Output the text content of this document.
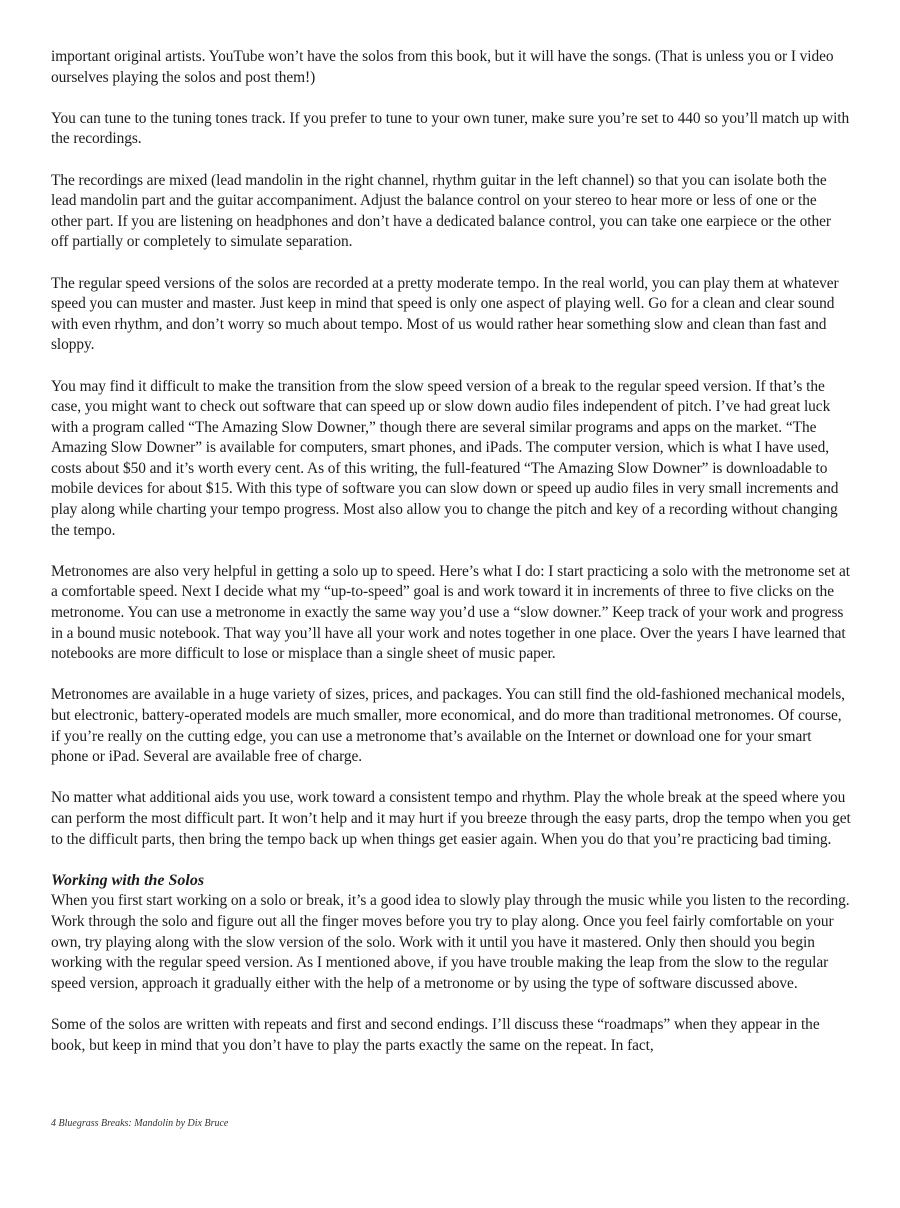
important original artists. YouTube won’t have the solos from this book, but it will have the songs. (That is unless you or I video ourselves playing the solos and post them!)

You can tune to the tuning tones track. If you prefer to tune to your own tuner, make sure you’re set to 440 so you’ll match up with the recordings.

The recordings are mixed (lead mandolin in the right channel, rhythm guitar in the left channel) so that you can isolate both the lead mandolin part and the guitar accompaniment. Adjust the balance control on your stereo to hear more or less of one or the other part. If you are listening on headphones and don’t have a dedicated balance control, you can take one earpiece or the other off partially or completely to simulate separation.

The regular speed versions of the solos are recorded at a pretty moderate tempo. In the real world, you can play them at whatever speed you can muster and master. Just keep in mind that speed is only one aspect of playing well. Go for a clean and clear sound with even rhythm, and don’t worry so much about tempo. Most of us would rather hear something slow and clean than fast and sloppy.

You may find it difficult to make the transition from the slow speed version of a break to the regular speed version. If that’s the case, you might want to check out software that can speed up or slow down audio files independent of pitch. I’ve had great luck with a program called “The Amazing Slow Downer,” though there are several similar programs and apps on the market. “The Amazing Slow Downer” is available for computers, smart phones, and iPads. The computer version, which is what I have used, costs about $50 and it’s worth every cent. As of this writing, the full-featured “The Amazing Slow Downer” is downloadable to mobile devices for about $15. With this type of software you can slow down or speed up audio files in very small increments and play along while charting your tempo progress. Most also allow you to change the pitch and key of a recording without changing the tempo.

Metronomes are also very helpful in getting a solo up to speed. Here’s what I do: I start practicing a solo with the metronome set at a comfortable speed. Next I decide what my “up-to-speed” goal is and work toward it in increments of three to five clicks on the metronome. You can use a metronome in exactly the same way you’d use a “slow downer.” Keep track of your work and progress in a bound music notebook. That way you’ll have all your work and notes together in one place. Over the years I have learned that notebooks are more difficult to lose or misplace than a single sheet of music paper.

Metronomes are available in a huge variety of sizes, prices, and packages. You can still find the old-fashioned mechanical models, but electronic, battery-operated models are much smaller, more economical, and do more than traditional metronomes. Of course, if you’re really on the cutting edge, you can use a metronome that’s available on the Internet or download one for your smart phone or iPad. Several are available free of charge.

No matter what additional aids you use, work toward a consistent tempo and rhythm. Play the whole break at the speed where you can perform the most difficult part. It won’t help and it may hurt if you breeze through the easy parts, drop the tempo when you get to the difficult parts, then bring the tempo back up when things get easier again. When you do that you’re practicing bad timing.

Working with the Solos

When you first start working on a solo or break, it’s a good idea to slowly play through the music while you listen to the recording. Work through the solo and figure out all the finger moves before you try to play along. Once you feel fairly comfortable on your own, try playing along with the slow version of the solo. Work with it until you have it mastered. Only then should you begin working with the regular speed version. As I mentioned above, if you have trouble making the leap from the slow to the regular speed version, approach it gradually either with the help of a metronome or by using the type of software discussed above.

Some of the solos are written with repeats and first and second endings. I’ll discuss these “roadmaps” when they appear in the book, but keep in mind that you don’t have to play the parts exactly the same on the repeat. In fact,

4 Bluegrass Breaks: Mandolin by Dix Bruce
